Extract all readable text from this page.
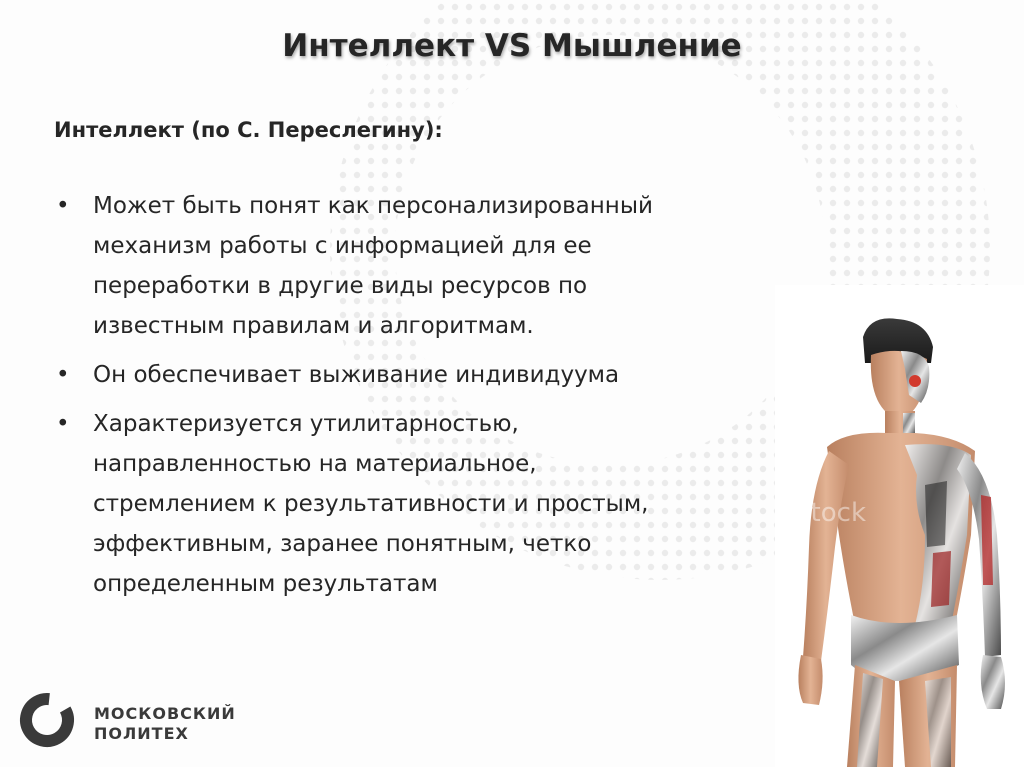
Интеллект VS Мышление
Интеллект (по С. Переслегину):
• Может быть понят как персонализированный
механизм работы с информацией для ее
переработки в другие виды ресурсов по
известным правилам и алгоритмам.
• Он обеспечивает выживание индивидуума
• Характеризуется утилитарностью,
направленностью на материальное,
стремлением к результативности и простым,
эффективным, заранее понятным, четко
определенным результатам
stock
МОСКОВСКИЙ
ПОЛИТЕХ
